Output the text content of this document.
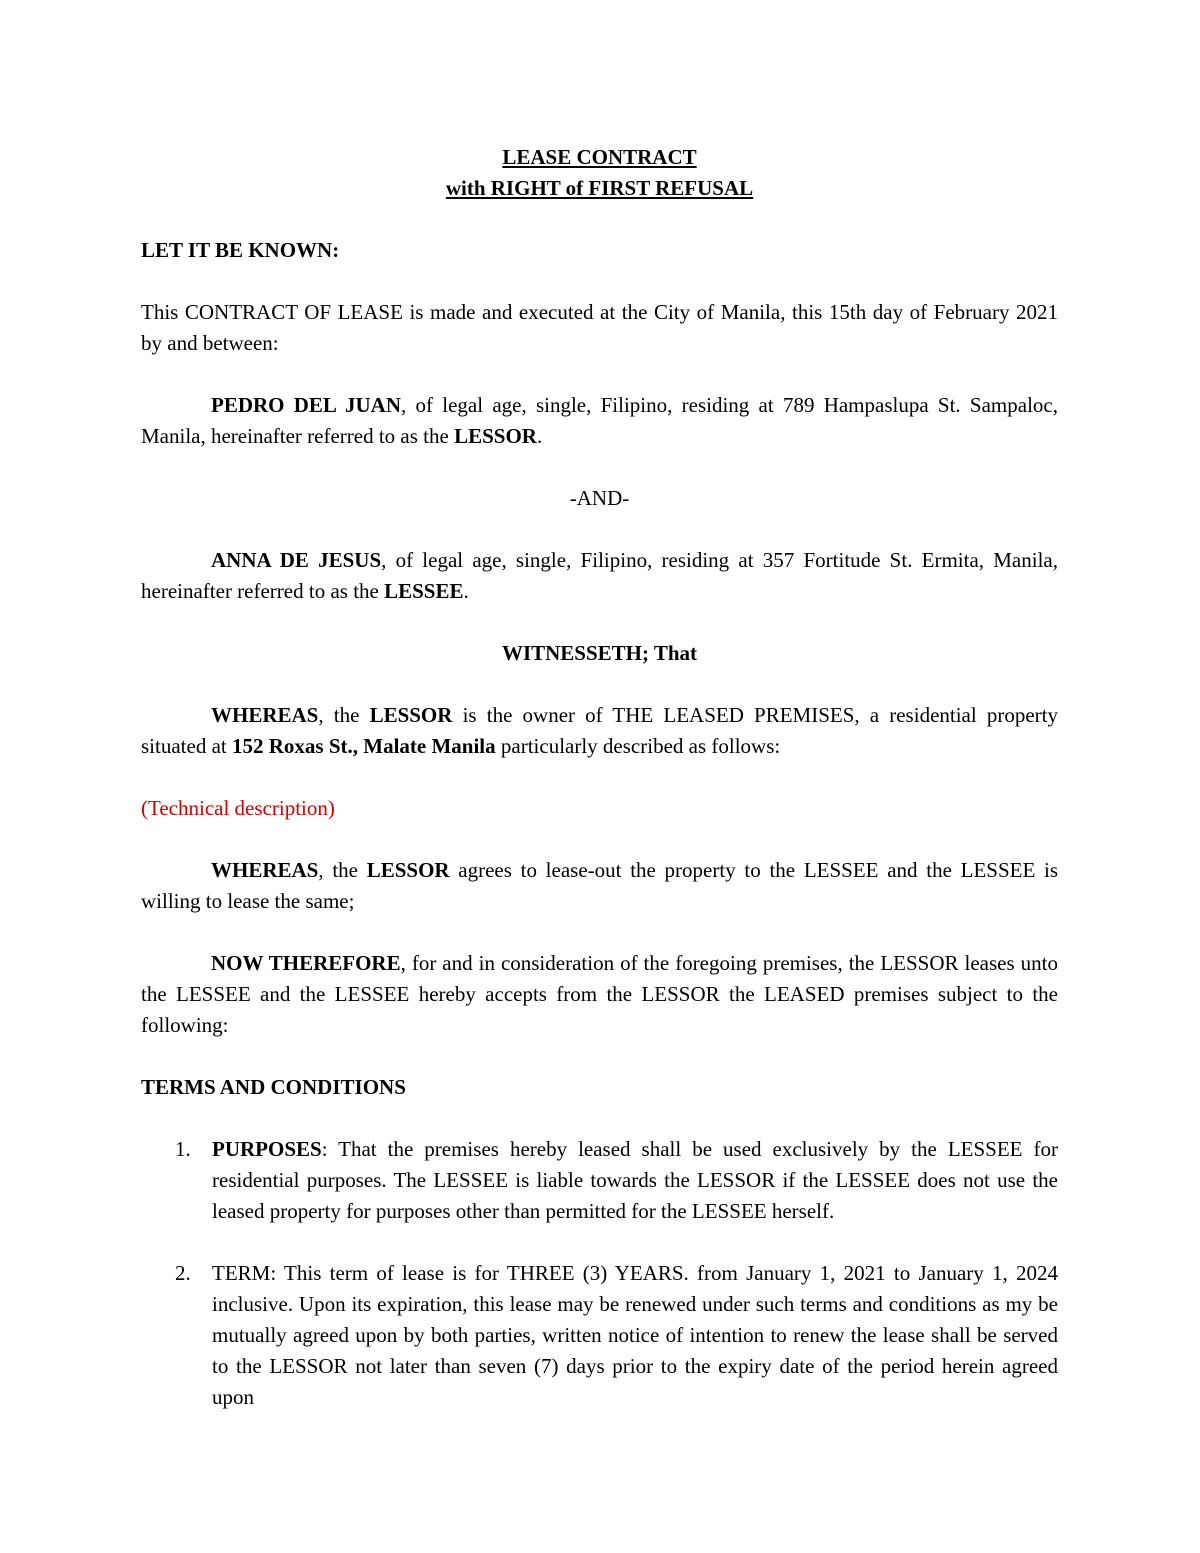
LEASE CONTRACT
with RIGHT of FIRST REFUSAL

LET IT BE KNOWN:

This CONTRACT OF LEASE is made and executed at the City of Manila, this 15th day of February 2021 by and between:

PEDRO DEL JUAN, of legal age, single, Filipino, residing at 789 Hampaslupa St. Sampaloc, Manila, hereinafter referred to as the LESSOR.

-AND-

ANNA DE JESUS, of legal age, single, Filipino, residing at 357 Fortitude St. Ermita, Manila, hereinafter referred to as the LESSEE.

WITNESSETH; That

WHEREAS, the LESSOR is the owner of THE LEASED PREMISES, a residential property situated at 152 Roxas St., Malate Manila particularly described as follows:

(Technical description)

WHEREAS, the LESSOR agrees to lease-out the property to the LESSEE and the LESSEE is willing to lease the same;

NOW THEREFORE, for and in consideration of the foregoing premises, the LESSOR leases unto the LESSEE and the LESSEE hereby accepts from the LESSOR the LEASED premises subject to the following:

TERMS AND CONDITIONS

1. PURPOSES: That the premises hereby leased shall be used exclusively by the LESSEE for residential purposes. The LESSEE is liable towards the LESSOR if the LESSEE does not use the leased property for purposes other than permitted for the LESSEE herself.
2. TERM: This term of lease is for THREE (3) YEARS. from January 1, 2021 to January 1, 2024 inclusive. Upon its expiration, this lease may be renewed under such terms and conditions as my be mutually agreed upon by both parties, written notice of intention to renew the lease shall be served to the LESSOR not later than seven (7) days prior to the expiry date of the period herein agreed upon
